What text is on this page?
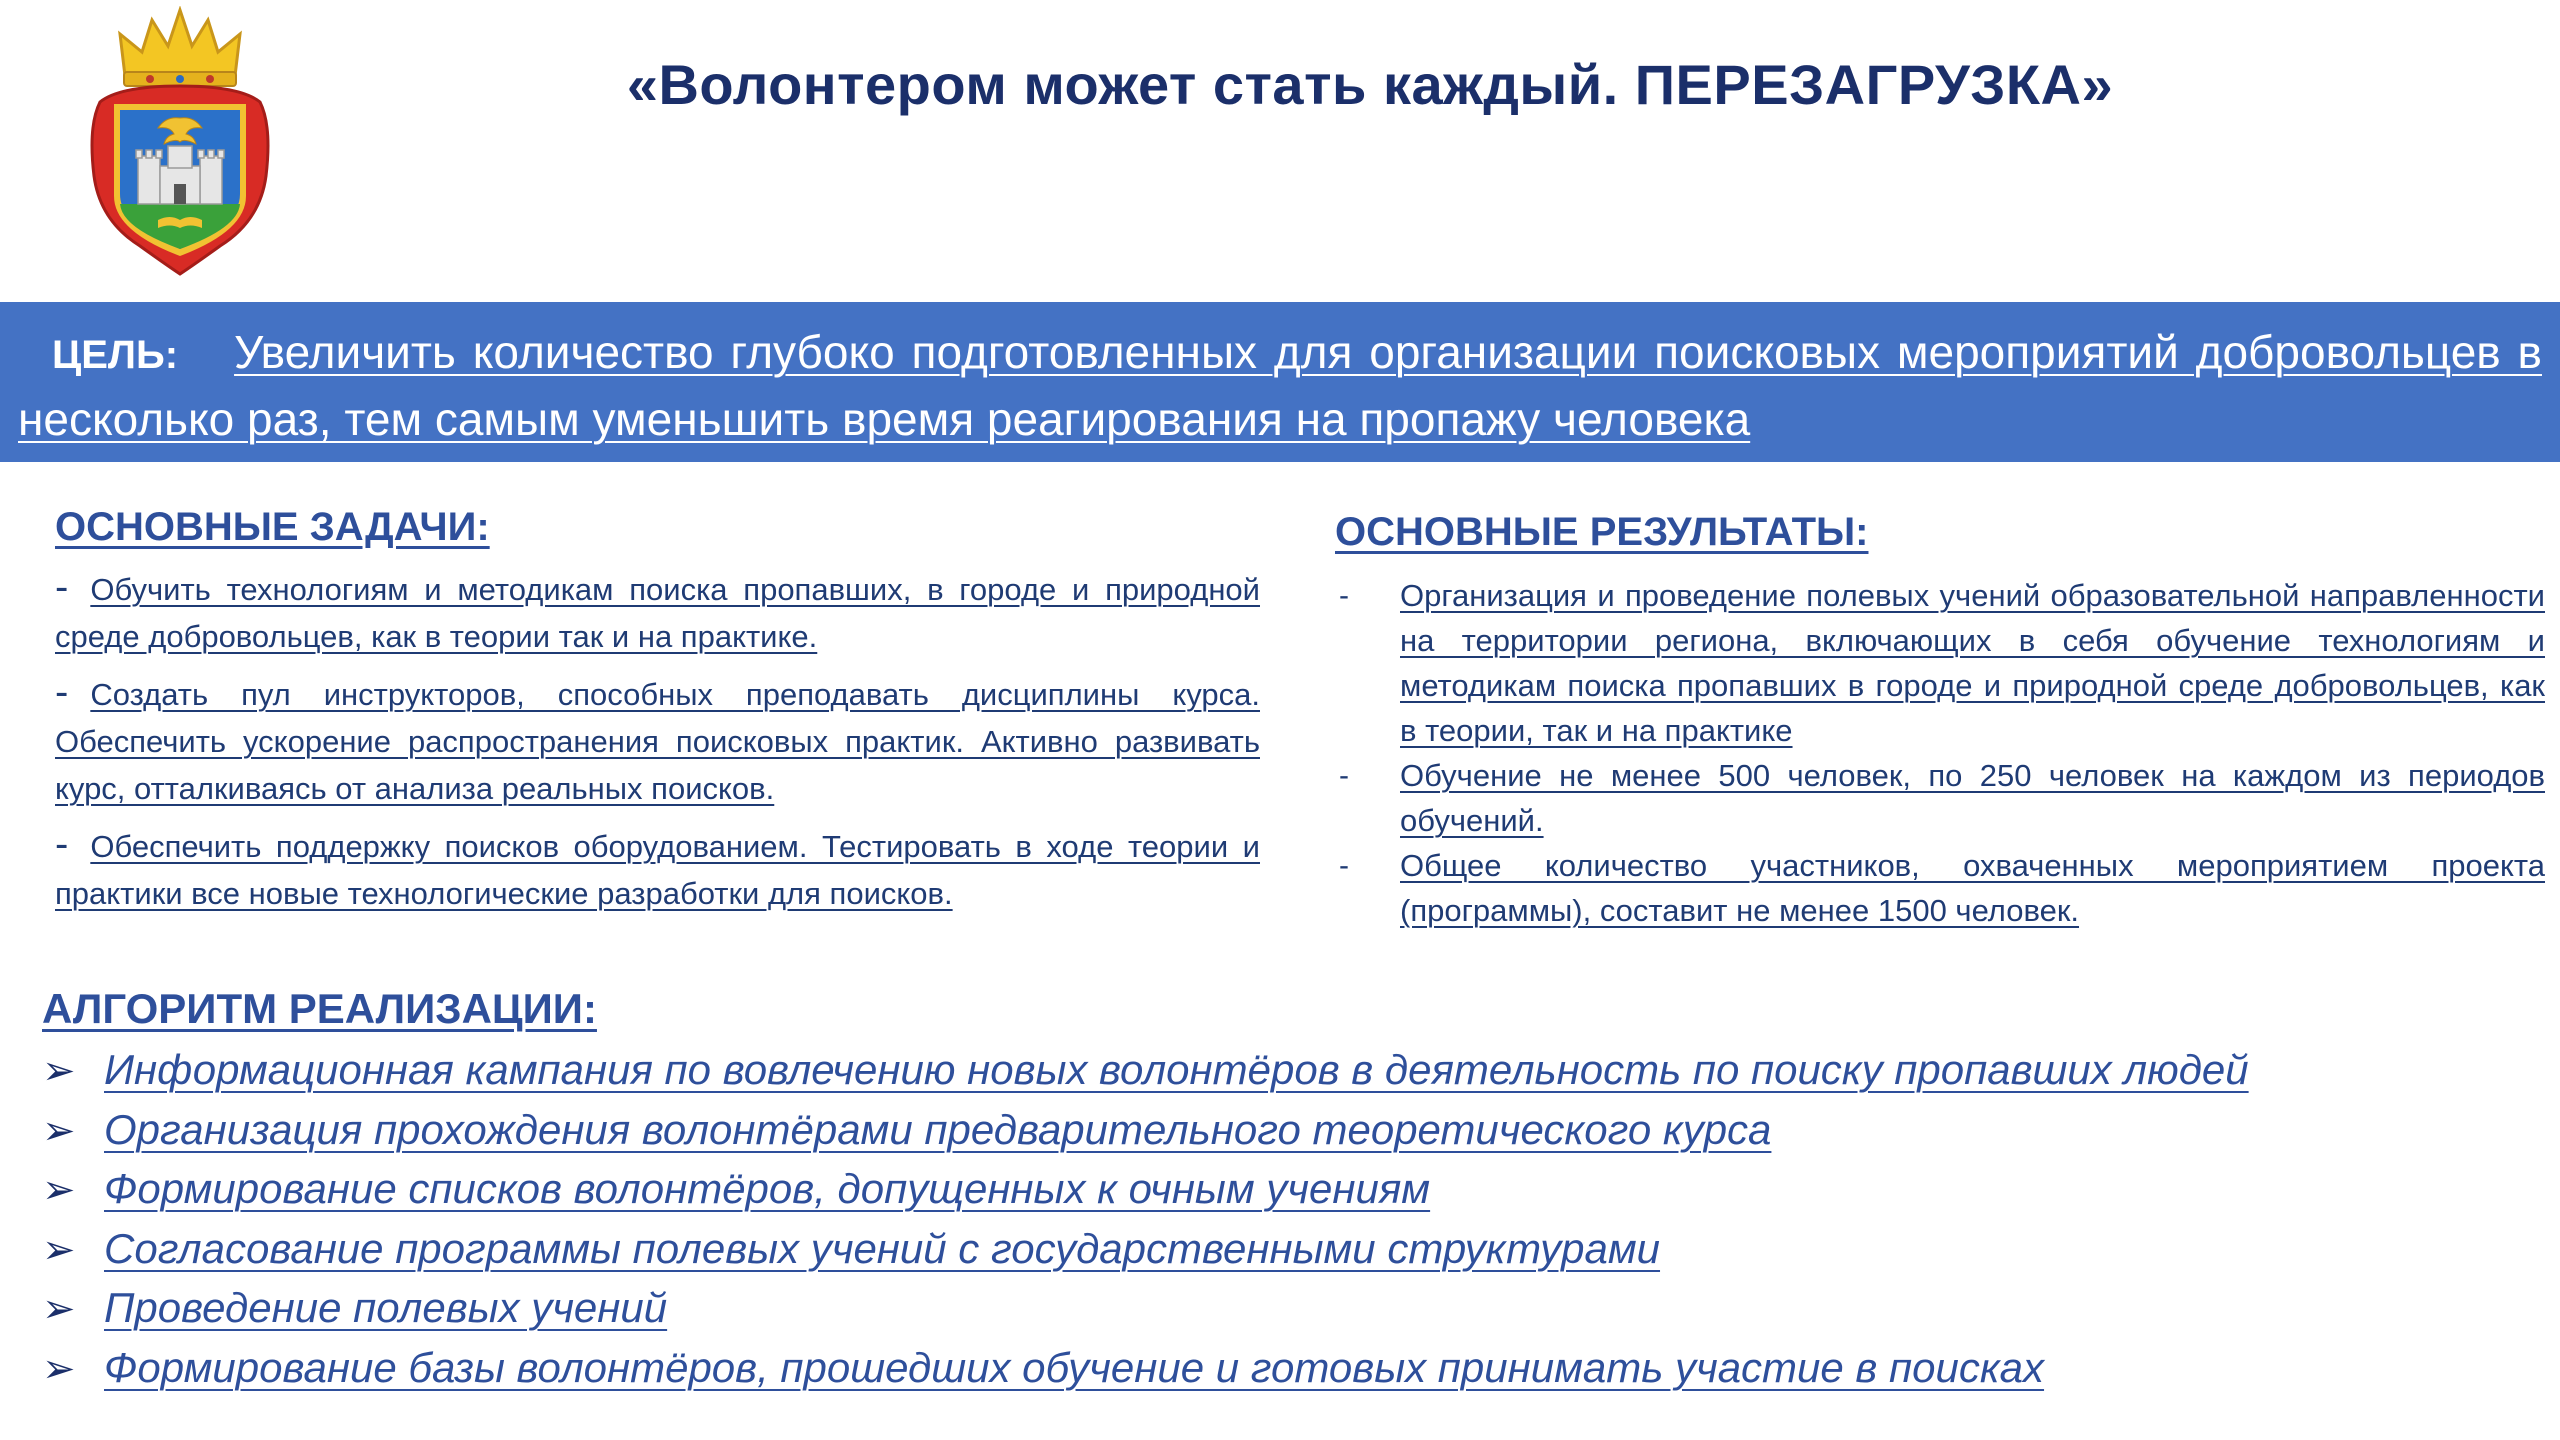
«Волонтером может стать каждый. ПЕРЕЗАГРУЗКА»
ЦЕЛЬ: Увеличить количество глубоко подготовленных для организации поисковых мероприятий добровольцев в несколько раз, тем самым уменьшить время реагирования на пропажу человека
ОСНОВНЫЕ ЗАДАЧИ:
- Обучить технологиям и методикам поиска пропавших, в городе и природной среде добровольцев, как в теории так и на практике.
- Создать пул инструкторов, способных преподавать дисциплины курса. Обеспечить ускорение распространения поисковых практик. Активно развивать курс, отталкиваясь от анализа реальных поисков.
- Обеспечить поддержку поисков оборудованием. Тестировать в ходе теории и практики все новые технологические разработки для поисков.
ОСНОВНЫЕ РЕЗУЛЬТАТЫ:
- Организация и проведение полевых учений образовательной направленности на территории региона, включающих в себя обучение технологиям и методикам поиска пропавших в городе и природной среде добровольцев, как в теории, так и на практике
- Обучение не менее 500 человек, по 250 человек на каждом из периодов обучений.
- Общее количество участников, охваченных мероприятием проекта (программы), составит не менее 1500 человек.
АЛГОРИТМ РЕАЛИЗАЦИИ:
➢ Информационная кампания по вовлечению новых волонтёров в деятельность по поиску пропавших людей
➢ Организация прохождения волонтёрами предварительного теоретического курса
➢ Формирование списков волонтёров, допущенных к очным учениям
➢ Согласование программы полевых учений с государственными структурами
➢ Проведение полевых учений
➢ Формирование базы волонтёров, прошедших обучение и готовых принимать участие в поисках
